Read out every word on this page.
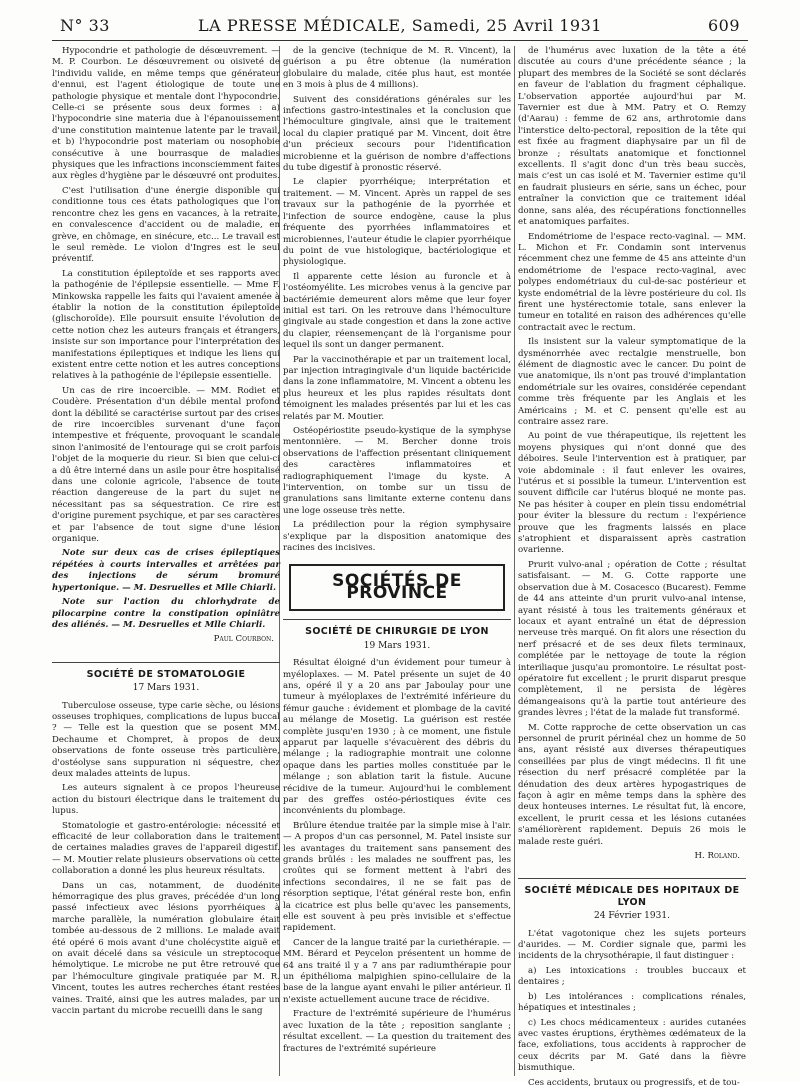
N° 33	LA PRESSE MÉDICALE, Samedi, 25 Avril 1931	609

Hypocondrie et pathologie de désœuvrement. — M. P. Courbon. Le désœuvrement ou oisiveté de l'individu valide, en même temps que générateur d'ennui, est l'agent étiologique de toute une pathologie physique et mentale dont l'hypocondrie. Celle-ci se présente sous deux formes : a) l'hypocondrie sine materia due à l'épanouissement d'une constitution maintenue latente par le travail, et b) l'hypocondrie post materiam ou nosophobie consécutive à une bourrasque de maladies physiques que les infractions inconsciemment faites aux règles d'hygiène par le désœuvré ont produites.

C'est l'utilisation d'une énergie disponible qui conditionne tous ces états pathologiques que l'on rencontre chez les gens en vacances, à la retraite, en convalescence d'accident ou de maladie, en grève, en chômage, en sinécure, etc... Le travail est le seul remède. Le violon d'Ingres est le seul préventif.

La constitution épileptoïde et ses rapports avec la pathogénie de l'épilepsie essentielle. — Mme F. Minkowska rappelle les faits qui l'avaient amenée à établir la notion de la constitution épileptoïde (glischoroïde). Elle poursuit ensuite l'évolution de cette notion chez les auteurs français et étrangers, insiste sur son importance pour l'interprétation des manifestations épileptiques et indique les liens qui existent entre cette notion et les autres conceptions relatives à la pathogénie de l'épilepsie essentielle.

Un cas de rire incoercible. — MM. Rodiet et Coudère. Présentation d'un débile mental profond dont la débilité se caractérise surtout par des crises de rire incoercibles survenant d'une façon intempestive et fréquente, provoquant le scandale sinon l'animosité de l'entourage qui se croit parfois l'objet de la moquerie du rieur. Si bien que celui-ci a dû être interné dans un asile pour être hospitalisé dans une colonie agricole, l'absence de toute réaction dangereuse de la part du sujet ne nécessitant pas sa séquestration. Ce rire est d'origine purement psychique, et par ses caractères et par l'absence de tout signe d'une lésion organique.

Note sur deux cas de crises épileptiques répétées à courts intervalles et arrêtées par des injections de sérum bromuré hypertonique. — M. Desruelles et Mlle Chiarli.

Note sur l'action du chlorhydrate de pilocarpine contre la constipation opiniâtre des aliénés. — M. Desruelles et Mlle Chiarli.

Paul Courbon.
SOCIÉTÉ DE STOMATOLOGIE
17 Mars 1931.

Tuberculose osseuse, type carie sèche, ou lésions osseuses trophiques, complications de lupus buccal ? — Telle est la question que se posent MM. Dechaume et Chompret, à propos de deux observations de fonte osseuse très particulière, d'ostéolyse sans suppuration ni séquestre, chez deux malades atteints de lupus.

Les auteurs signalent à ce propos l'heureuse action du bistouri électrique dans le traitement du lupus.

Stomatologie et gastro-entérologie: nécessité et efficacité de leur collaboration dans le traitement de certaines maladies graves de l'appareil digestif. — M. Moutier relate plusieurs observations où cette collaboration a donné les plus heureux résultats.

Dans un cas, notamment, de duodénite hémorragique des plus graves, précédée d'un long passé infectieux avec lésions pyorrhéiques à marche parallèle, la numération globulaire était tombée au-dessous de 2 millions. Le malade avait été opéré 6 mois avant d'une cholécystite aiguë et on avait décelé dans sa vésicule un streptocoque hémolytique. Le microbe ne put être retrouvé que par l'hémoculture gingivale pratiquée par M. R. Vincent, toutes les autres recherches étant restées vaines. Traité, ainsi que les autres malades, par un vaccin partant du microbe recueilli dans le sang

de la gencive (technique de M. R. Vincent), la guérison a pu être obtenue (la numération globulaire du malade, citée plus haut, est montée en 3 mois à plus de 4 millions).

Suivent des considérations générales sur les infections gastro-intestinales et la conclusion que l'hémoculture gingivale, ainsi que le traitement local du clapier pratiqué par M. Vincent, doit être d'un précieux secours pour l'identification microbienne et la guérison de nombre d'affections du tube digestif à pronostic réservé.

Le clapier pyorrhéique; interprétation et traitement. — M. Vincent. Après un rappel de ses travaux sur la pathogénie de la pyorrhée et l'infection de source endogène, cause la plus fréquente des pyorrhées inflammatoires et microbiennes, l'auteur étudie le clapier pyorrhéique du point de vue histologique, bactériologique et physiologique.

Il apparente cette lésion au furoncle et à l'ostéomyélite. Les microbes venus à la gencive par bactériémie demeurent alors même que leur foyer initial est tari. On les retrouve dans l'hémoculture gingivale au stade congestion et dans la zone active du clapier, réensemençant de là l'organisme pour lequel ils sont un danger permanent.

Par la vaccinothérapie et par un traitement local, par injection intragingivale d'un liquide bactéricide dans la zone inflammatoire, M. Vincent a obtenu les plus heureux et les plus rapides résultats dont témoignent les malades présentés par lui et les cas relatés par M. Moutier.

Ostéopériostite pseudo-kystique de la symphyse mentonnière. — M. Bercher donne trois observations de l'affection présentant cliniquement des caractères inflammatoires et radiographiquement l'image du kyste. A l'intervention, on tombe sur un tissu de granulations sans limitante externe contenu dans une loge osseuse très nette.

La prédilection pour la région symphysaire s'explique par la disposition anatomique des racines des incisives.

SOCIÉTÉS DE PROVINCE
SOCIÉTÉ DE CHIRURGIE DE LYON
19 Mars 1931.

Résultat éloigné d'un évidement pour tumeur à myéloplaxes. — M. Patel présente un sujet de 40 ans, opéré il y a 20 ans par Jaboulay pour une tumeur à myéloplaxes de l'extrémité inférieure du fémur gauche : évidement et plombage de la cavité au mélange de Mosetig. La guérison est restée complète jusqu'en 1930 ; à ce moment, une fistule apparut par laquelle s'évacuèrent des débris du mélange ; la radiographie montrait une colonne opaque dans les parties molles constituée par le mélange ; son ablation tarit la fistule. Aucune récidive de la tumeur. Aujourd'hui le comblement par des greffes ostéo-périostiques évite ces inconvénients du plombage.

Brûlure étendue traitée par la simple mise à l'air. — A propos d'un cas personnel, M. Patel insiste sur les avantages du traitement sans pansement des grands brûlés : les malades ne souffrent pas, les croûtes qui se forment mettent à l'abri des infections secondaires, il ne se fait pas de résorption septique, l'état général reste bon, enfin la cicatrice est plus belle qu'avec les pansements, elle est souvent à peu près invisible et s'effectue rapidement.

Cancer de la langue traité par la curiethérapie. — MM. Bérard et Peycelon présentent un homme de 64 ans traité il y a 7 ans par radiumthérapie pour un épithélioma malpighien spino-cellulaire de la base de la langue ayant envahi le pilier antérieur. Il n'existe actuellement aucune trace de récidive.

Fracture de l'extrémité supérieure de l'humérus avec luxation de la tête ; reposition sanglante ; résultat excellent. — La question du traitement des fractures de l'extrémité supérieure

de l'humérus avec luxation de la tête a été discutée au cours d'une précédente séance ; la plupart des membres de la Société se sont déclarés en faveur de l'ablation du fragment céphalique. L'observation apportée aujourd'hui par M. Tavernier est due à MM. Patry et O. Remzy (d'Aarau) : femme de 62 ans, arthrotomie dans l'interstice delto-pectoral, reposition de la tête qui est fixée au fragment diaphysaire par un fil de bronze ; résultats anatomique et fonctionnel excellents. Il s'agit donc d'un très beau succès, mais c'est un cas isolé et M. Tavernier estime qu'il en faudrait plusieurs en série, sans un échec, pour entraîner la conviction que ce traitement idéal donne, sans aléa, des récupérations fonctionnelles et anatomiques parfaites.

Endométriome de l'espace recto-vaginal. — MM. L. Michon et Fr. Condamin sont intervenus récemment chez une femme de 45 ans atteinte d'un endométriome de l'espace recto-vaginal, avec polypes endométriaux du cul-de-sac postérieur et kyste endométrial de la lèvre postérieure du col. Ils firent une hystérectomie totale, sans enlever la tumeur en totalité en raison des adhérences qu'elle contractait avec le rectum.

Ils insistent sur la valeur symptomatique de la dysménorrhée avec rectalgie menstruelle, bon élément de diagnostic avec le cancer. Du point de vue anatomique, ils n'ont pas trouvé d'implantation endométriale sur les ovaires, considérée cependant comme très fréquente par les Anglais et les Américains ; M. et C. pensent qu'elle est au contraire assez rare.

Au point de vue thérapeutique, ils rejettent les moyens physiques qui n'ont donné que des déboires. Seule l'intervention est à pratiquer, par voie abdominale : il faut enlever les ovaires, l'utérus et si possible la tumeur. L'intervention est souvent difficile car l'utérus bloqué ne monte pas. Ne pas hésiter à couper en plein tissu endométrial pour éviter la blessure du rectum : l'expérience prouve que les fragments laissés en place s'atrophient et disparaissent après castration ovarienne.

Prurit vulvo-anal ; opération de Cotte ; résultat satisfaisant. — M. G. Cotte rapporte une observation due à M. Cosacesco (Bucarest). Femme de 44 ans atteinte d'un prurit vulvo-anal intense, ayant résisté à tous les traitements généraux et locaux et ayant entraîné un état de dépression nerveuse très marqué. On fit alors une résection du nerf présacré et de ses deux filets terminaux, complétée par le nettoyage de toute la région interiliaque jusqu'au promontoire. Le résultat post-opératoire fut excellent ; le prurit disparut presque complètement, il ne persista de légères démangeaisons qu'à la partie tout antérieure des grandes lèvres ; l'état de la malade fut transformé.

M. Cotte rapproche de cette observation un cas personnel de prurit périnéal chez un homme de 50 ans, ayant résisté aux diverses thérapeutiques conseillées par plus de vingt médecins. Il fit une résection du nerf présacré complétée par la dénudation des deux artères hypogastriques de façon à agir en même temps dans la sphère des deux honteuses internes. Le résultat fut, là encore, excellent, le prurit cessa et les lésions cutanées s'améliorèrent rapidement. Depuis 26 mois le malade reste guéri.

H. Roland.
SOCIÉTÉ MÉDICALE DES HOPITAUX DE LYON
24 Février 1931.

L'état vagotonique chez les sujets porteurs d'aurides. — M. Cordier signale que, parmi les incidents de la chrysothérapie, il faut distinguer :

a) Les intoxications : troubles buccaux et dentaires ;

b) Les intolérances : complications rénales, hépatiques et intestinales ;

c) Les chocs médicamenteux : aurides cutanées avec vastes éruptions, érythèmes œdémateux de la face, exfoliations, tous accidents à rapprocher de ceux décrits par M. Gaté dans la fièvre bismuthique.

Ces accidents, brutaux ou progressifs, et de tou-
